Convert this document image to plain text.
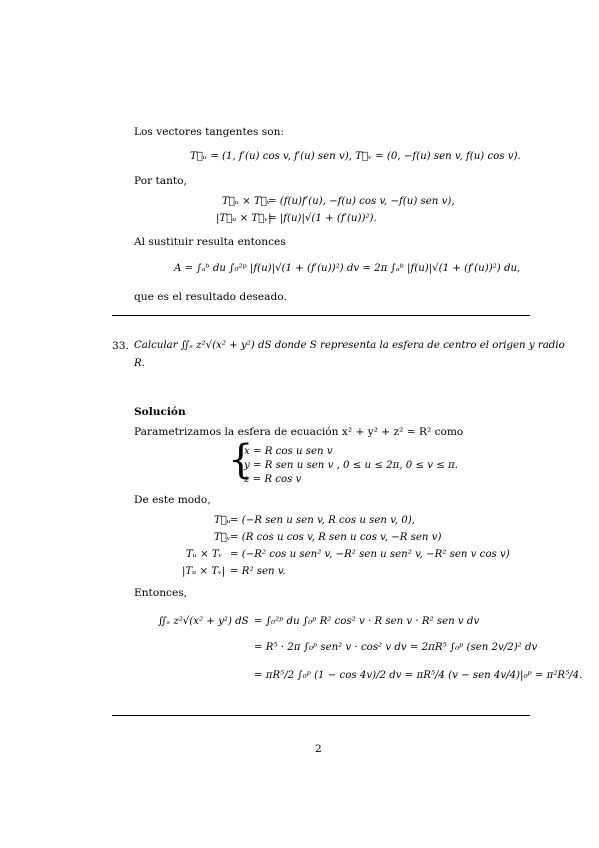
Los vectores tangentes son:
T⃗ᵤ = (1, f′(u) cos v, f′(u) sen v), T⃗ᵥ = (0, −f(u) sen v, f(u) cos v).
Por tanto,
T⃗ᵤ × T⃗ᵥ
= (f(u)f′(u), −f(u) cos v, −f(u) sen v),
|T⃗ᵤ × T⃗ᵥ|
= |f(u)|√(1 + (f′(u))²).
Al sustituir resulta entonces
A = ∫ₐᵇ du ∫₀²ᵖ |f(u)|√(1 + (f′(u))²) dv = 2π ∫ₐᵇ |f(u)|√(1 + (f′(u))²) du,
que es el resultado deseado.
33. Calcular ∬ₛ z²√(x² + y²) dS donde S representa la esfera de centro el origen y radio
R.
Solución
Parametrizamos la esfera de ecuación x² + y² + z² = R² como
{
x = R cos u sen v
y = R sen u sen v , 0 ≤ u ≤ 2π, 0 ≤ v ≤ π.
z = R cos v
De este modo,
T⃗ᵤ = (−R sen u sen v, R cos u sen v, 0),
T⃗ᵥ = (R cos u cos v, R sen u cos v, −R sen v)
Tᵤ × Tᵥ = (−R² cos u sen² v, −R² sen u sen² v, −R² sen v cos v)
|Tᵤ × Tᵥ| = R² sen v.
Entonces,
∬ₛ z²√(x² + y²) dS = ∫₀²ᵖ du ∫₀ᵖ R² cos² v · R sen v · R² sen v dv
= R⁵ · 2π ∫₀ᵖ sen² v · cos² v dv = 2πR⁵ ∫₀ᵖ (sen 2v/2)² dv
= πR⁵/2 ∫₀ᵖ (1 − cos 4v)/2 dv = πR⁵/4 (v − sen 4v/4)|₀ᵖ = π²R⁵/4.
2
